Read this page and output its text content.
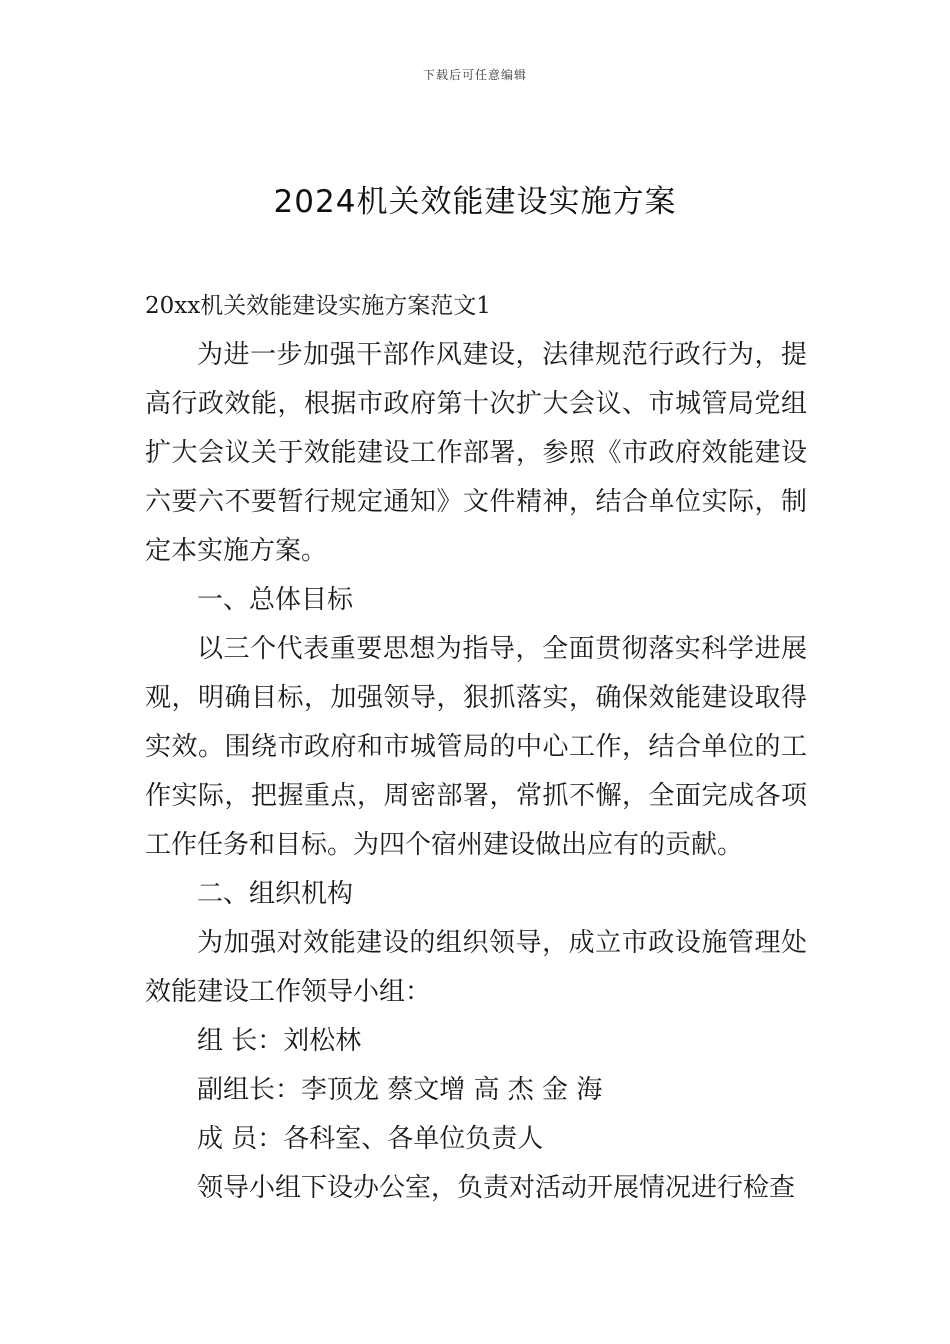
下载后可任意编辑
2024机关效能建设实施方案

20xx机关效能建设实施方案范文1

为进一步加强干部作风建设，法律规范行政行为，提高行政效能，根据市政府第十次扩大会议、市城管局党组扩大会议关于效能建设工作部署，参照《市政府效能建设六要六不要暂行规定通知》文件精神，结合单位实际，制定本实施方案。

一、总体目标

以三个代表重要思想为指导，全面贯彻落实科学进展观，明确目标，加强领导，狠抓落实，确保效能建设取得实效。围绕市政府和市城管局的中心工作，结合单位的工作实际，把握重点，周密部署，常抓不懈，全面完成各项工作任务和目标。为四个宿州建设做出应有的贡献。

二、组织机构

为加强对效能建设的组织领导，成立市政设施管理处效能建设工作领导小组：

组 长：刘松林

副组长：李顶龙 蔡文增 高 杰 金 海

成 员：各科室、各单位负责人

领导小组下设办公室，负责对活动开展情况进行检查
